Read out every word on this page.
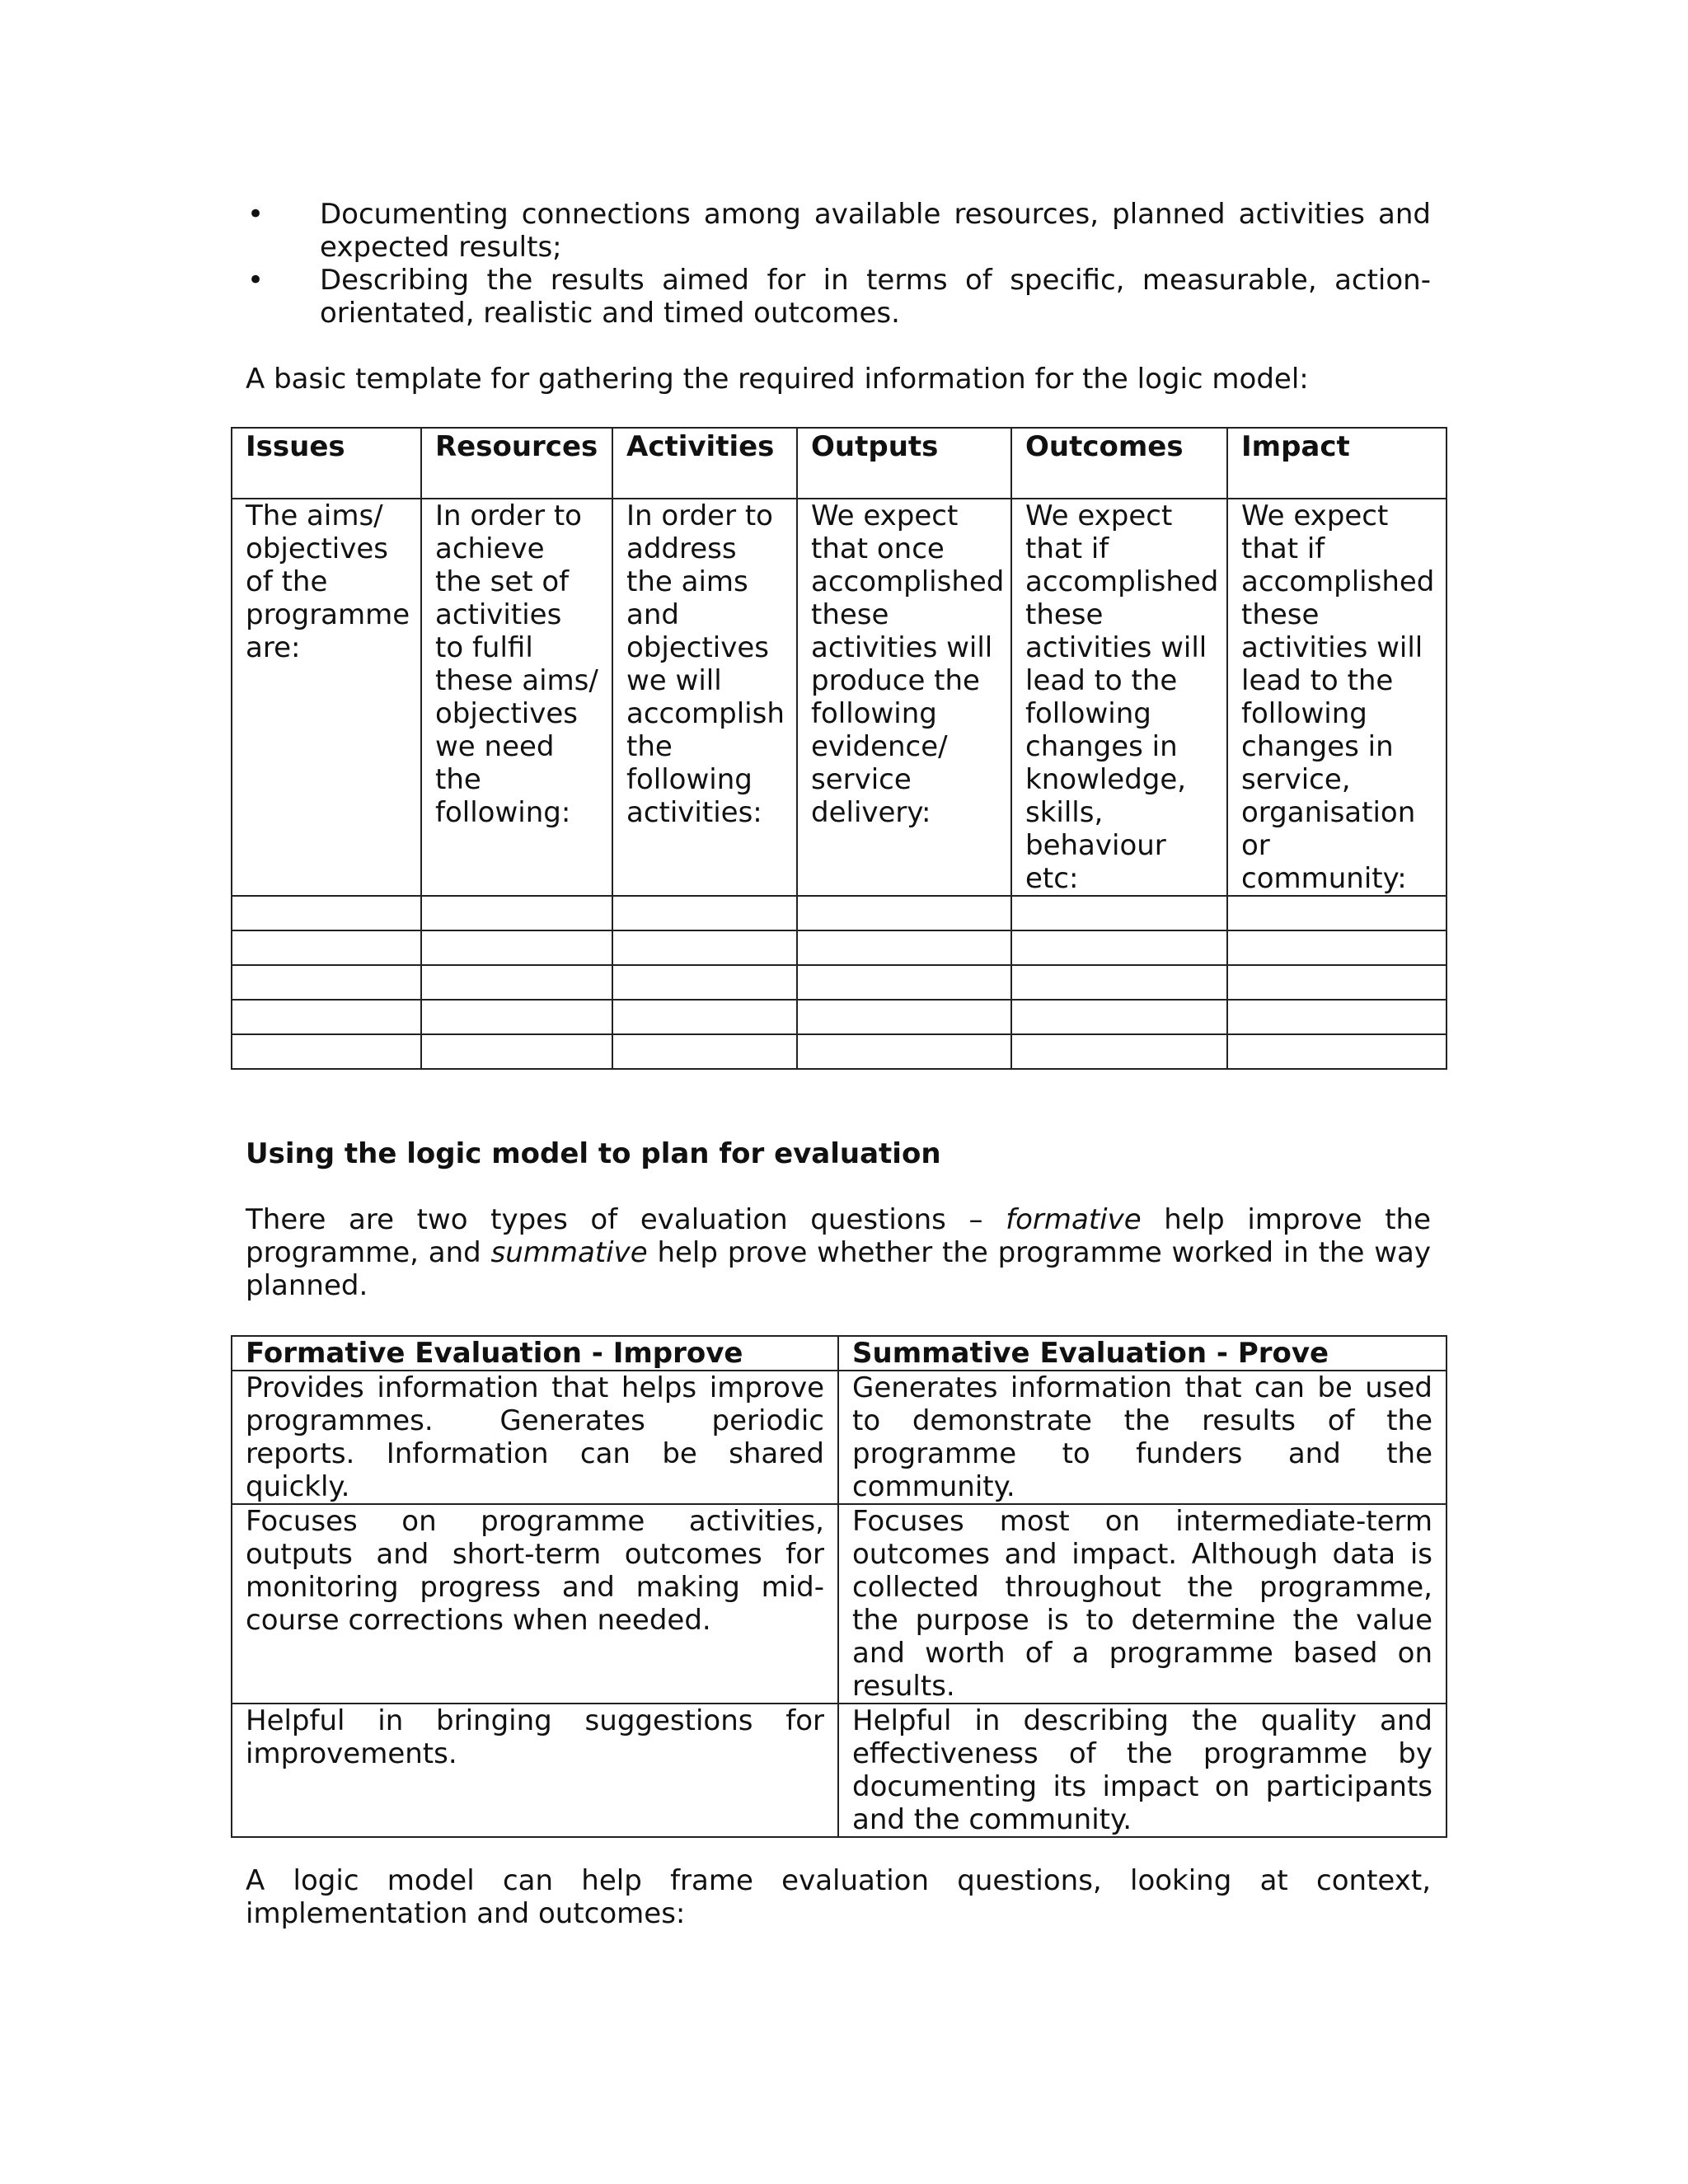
• Documenting connections among available resources, planned activities and expected results;
• Describing the results aimed for in terms of specific, measurable, action-orientated, realistic and timed outcomes.

A basic template for gathering the required information for the logic model:

Issues	Resources	Activities	Outputs	Outcomes	Impact
The aims/ objectives of the programme are:	In order to achieve the set of activities to fulfil these aims/ objectives we need the following:	In order to address the aims and objectives we will accomplish the following activities:	We expect that once accomplished these activities will produce the following evidence/ service delivery:	We expect that if accomplished these activities will lead to the following changes in knowledge, skills, behaviour etc:	We expect that if accomplished these activities will lead to the following changes in service, organisation or community:

Using the logic model to plan for evaluation

There are two types of evaluation questions – formative help improve the programme, and summative help prove whether the programme worked in the way planned.

Formative Evaluation - Improve	Summative Evaluation - Prove
Provides information that helps improve programmes. Generates periodic reports. Information can be shared quickly.	Generates information that can be used to demonstrate the results of the programme to funders and the community.
Focuses on programme activities, outputs and short-term outcomes for monitoring progress and making mid-course corrections when needed.	Focuses most on intermediate-term outcomes and impact. Although data is collected throughout the programme, the purpose is to determine the value and worth of a programme based on results.
Helpful in bringing suggestions for improvements.	Helpful in describing the quality and effectiveness of the programme by documenting its impact on participants and the community.

A logic model can help frame evaluation questions, looking at context, implementation and outcomes:
